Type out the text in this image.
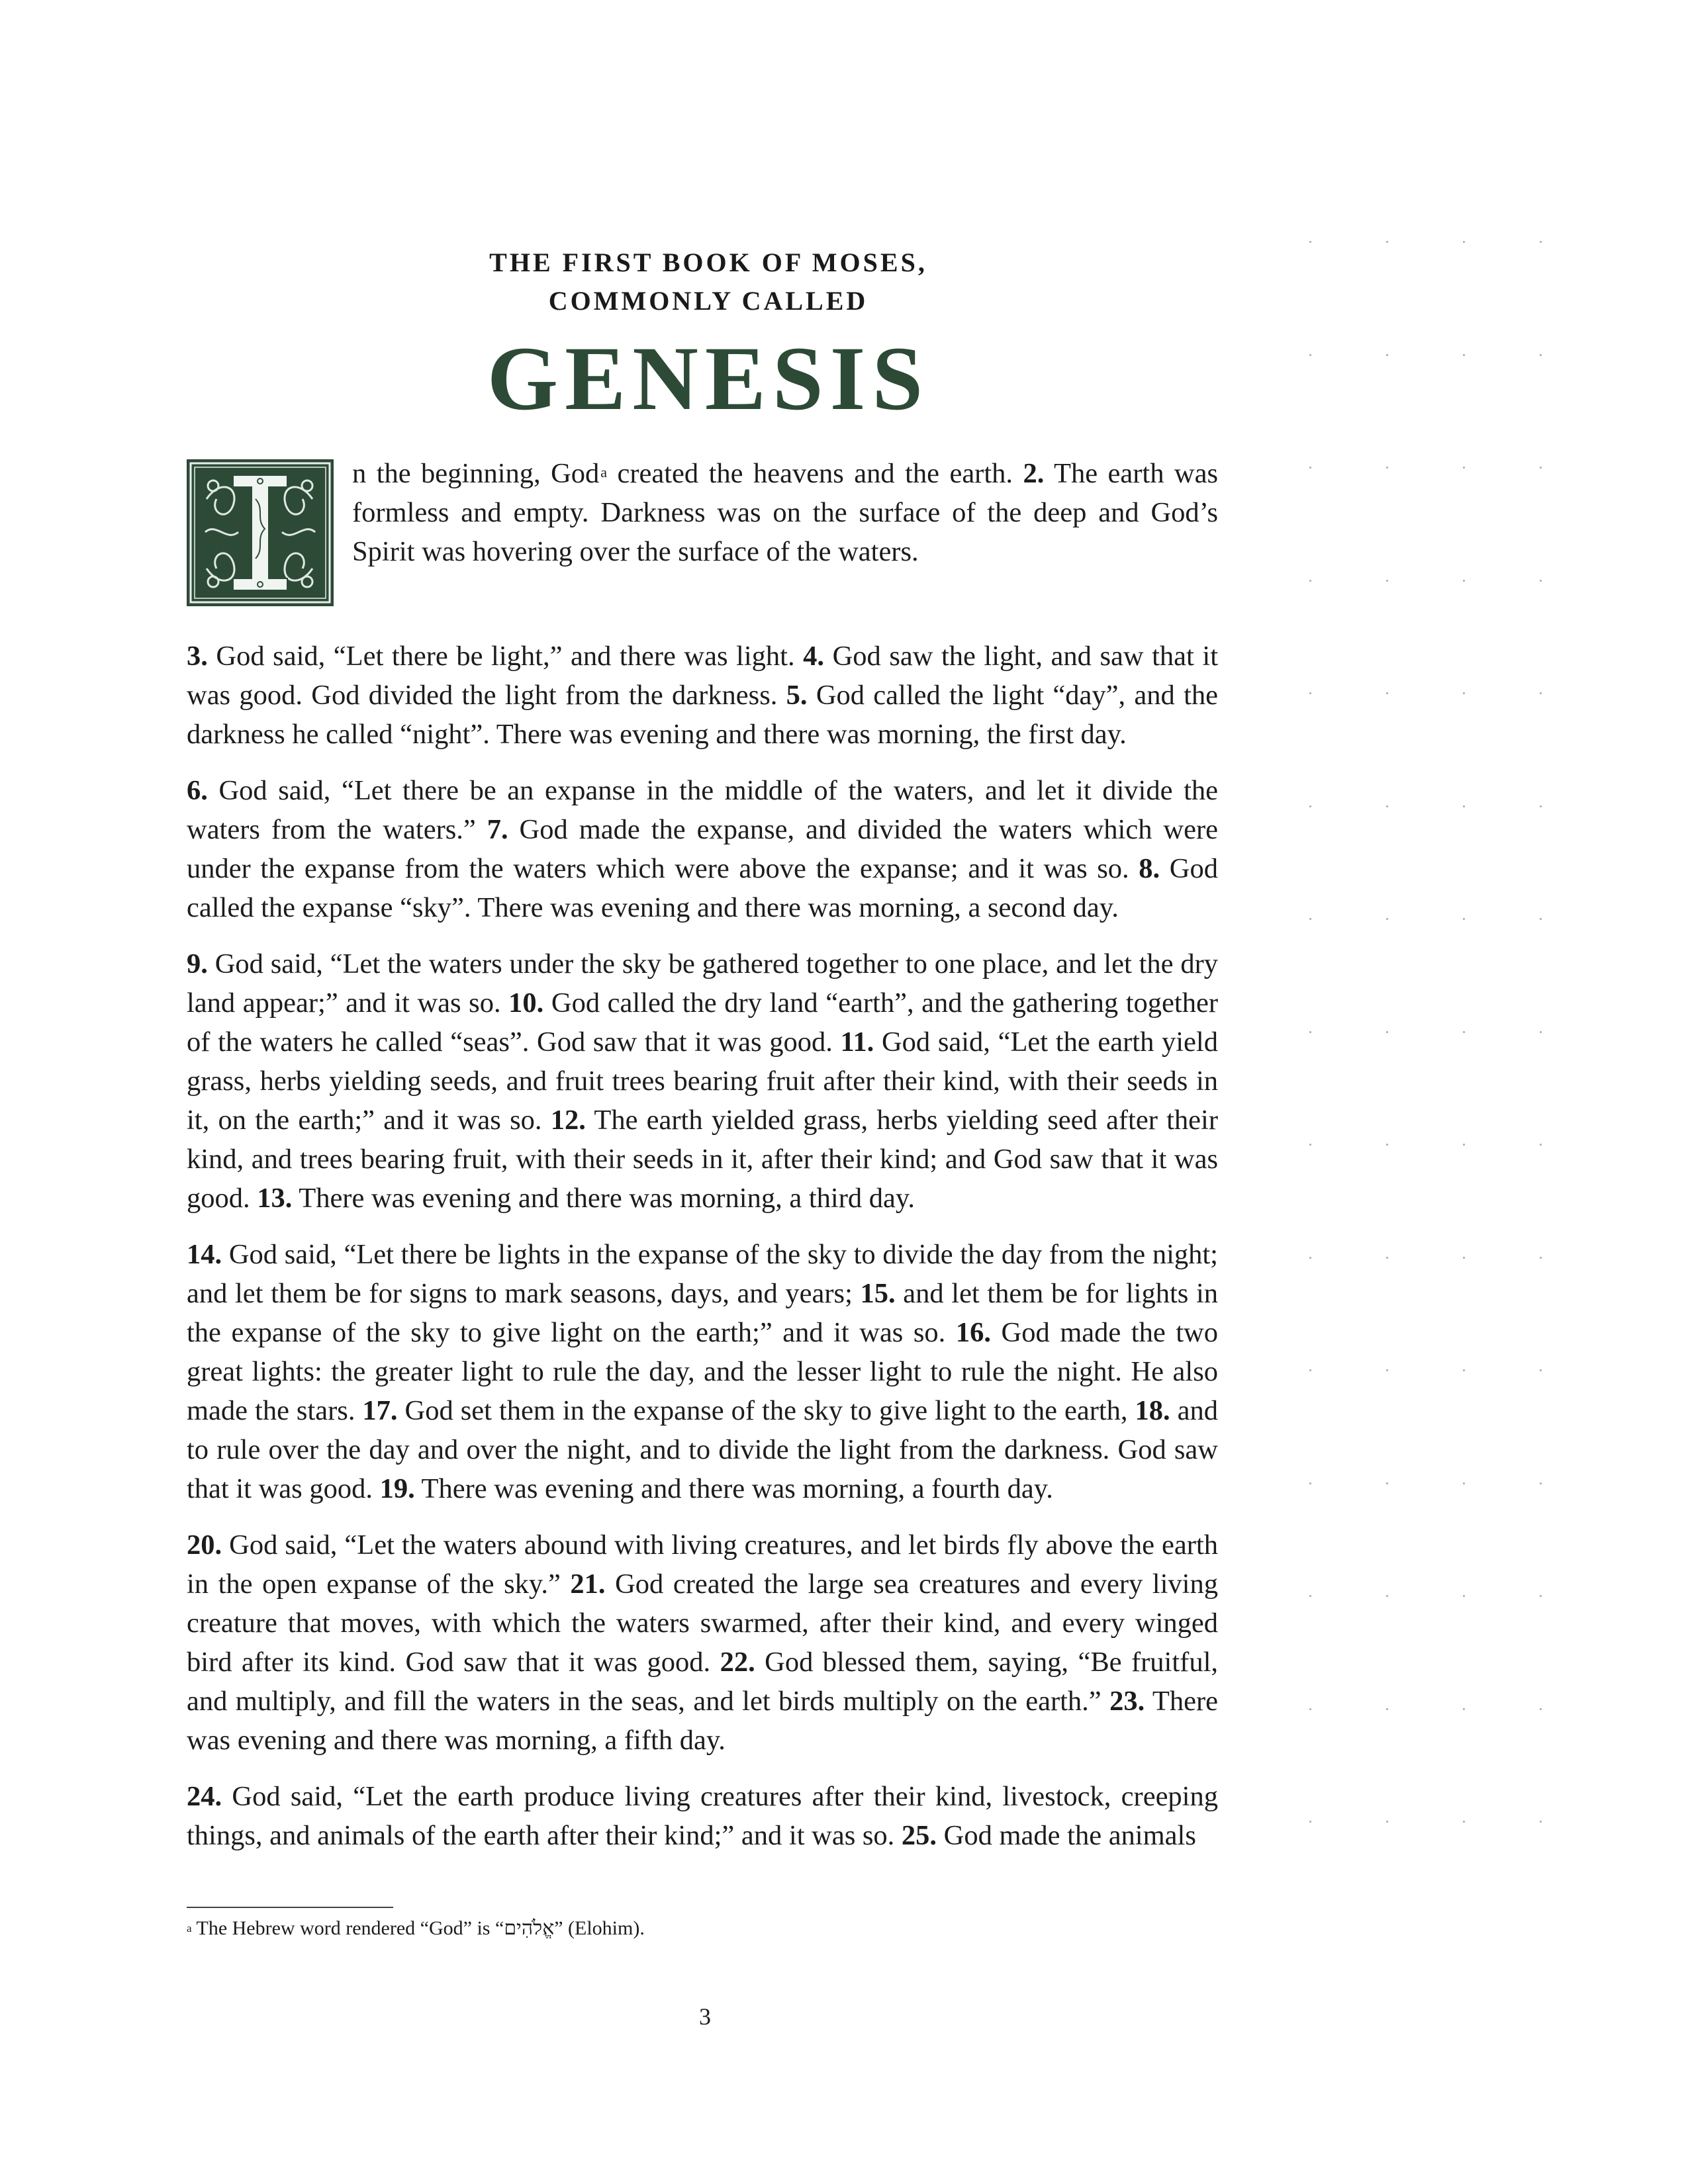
THE FIRST BOOK OF MOSES,
COMMONLY CALLED
GENESIS

n the beginning, God$^a$ created the heavens and the earth. 2. The earth was formless and empty. Darkness was on the surface of the deep and God’s Spirit was hovering over the surface of the waters.

3. God said, “Let there be light,” and there was light. 4. God saw the light, and saw that it was good. God divided the light from the darkness. 5. God called the light “day”, and the darkness he called “night”. There was evening and there was morning, the first day.

6. God said, “Let there be an expanse in the middle of the waters, and let it divide the waters from the waters.” 7. God made the expanse, and divided the waters which were under the expanse from the waters which were above the expanse; and it was so. 8. God called the expanse “sky”. There was evening and there was morning, a second day.

9. God said, “Let the waters under the sky be gathered together to one place, and let the dry land appear;” and it was so. 10. God called the dry land “earth”, and the gathering together of the waters he called “seas”. God saw that it was good. 11. God said, “Let the earth yield grass, herbs yielding seeds, and fruit trees bearing fruit after their kind, with their seeds in it, on the earth;” and it was so. 12. The earth yielded grass, herbs yielding seed after their kind, and trees bearing fruit, with their seeds in it, after their kind; and God saw that it was good. 13. There was evening and there was morning, a third day.

14. God said, “Let there be lights in the expanse of the sky to divide the day from the night; and let them be for signs to mark seasons, days, and years; 15. and let them be for lights in the expanse of the sky to give light on the earth;” and it was so. 16. God made the two great lights: the greater light to rule the day, and the lesser light to rule the night. He also made the stars. 17. God set them in the expanse of the sky to give light to the earth, 18. and to rule over the day and over the night, and to divide the light from the darkness. God saw that it was good. 19. There was evening and there was morning, a fourth day.

20. God said, “Let the waters abound with living creatures, and let birds fly above the earth in the open expanse of the sky.” 21. God created the large sea creatures and every living creature that moves, with which the waters swarmed, after their kind, and every winged bird after its kind. God saw that it was good. 22. God blessed them, saying, “Be fruitful, and multiply, and fill the waters in the seas, and let birds multiply on the earth.” 23. There was evening and there was morning, a fifth day.

24. God said, “Let the earth produce living creatures after their kind, livestock, creeping things, and animals of the earth after their kind;” and it was so. 25. God made the animals

$^a$ The Hebrew word rendered “God” is “אֱלֹהִים” (Elohim).
3
